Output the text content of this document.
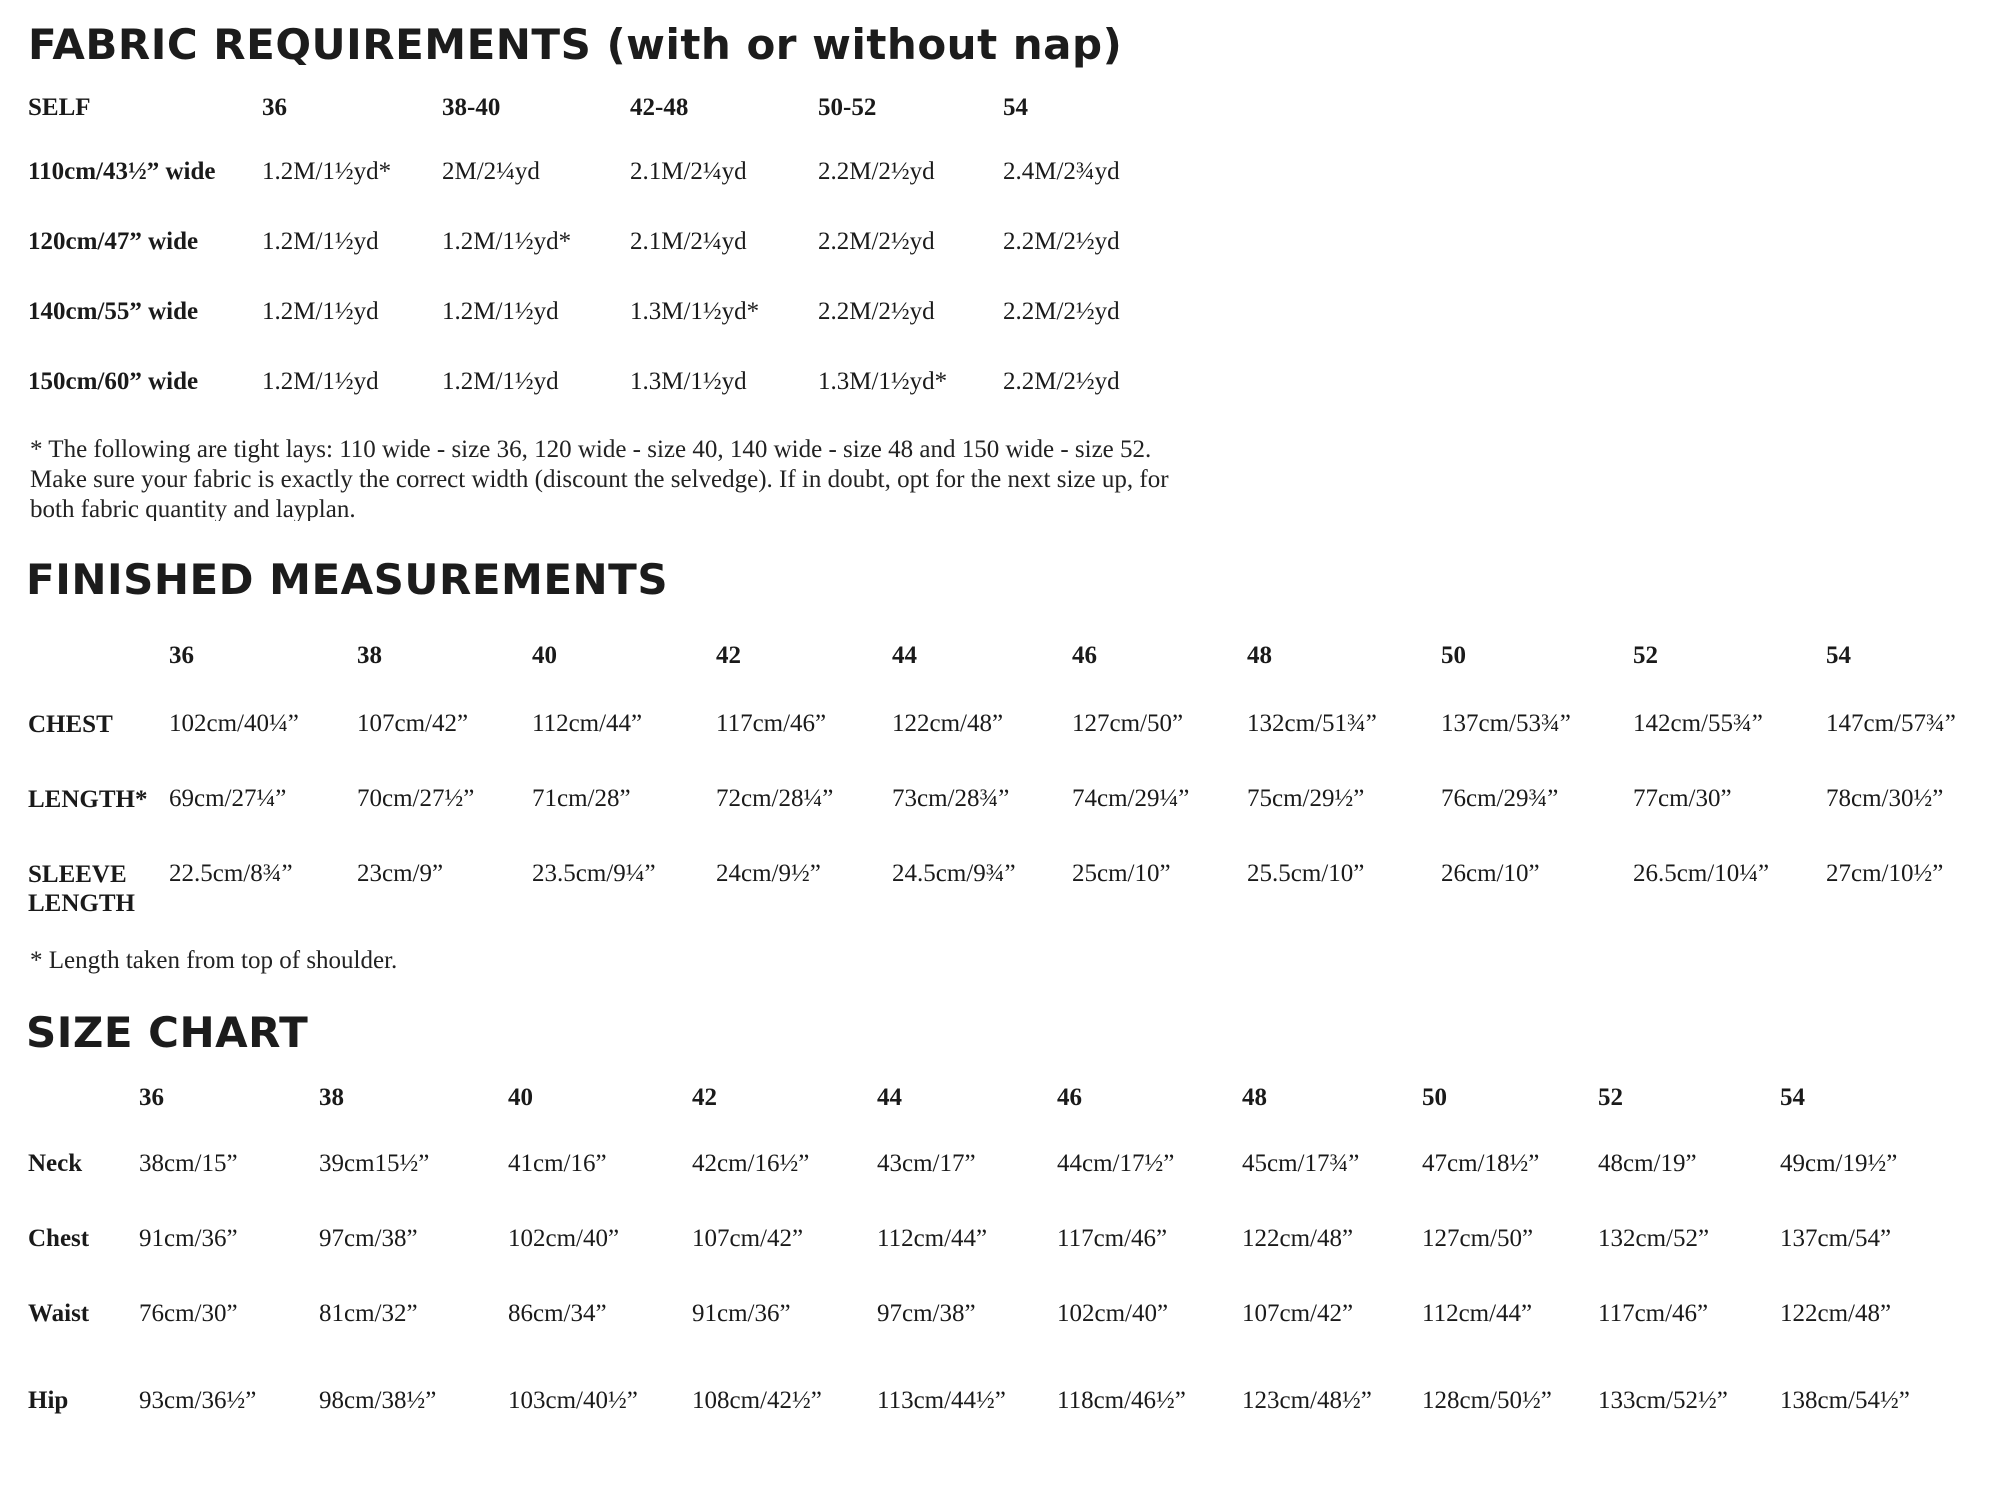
FABRIC REQUIREMENTS (with or without nap)
SELF	36	38-40	42-48	50-52	54
110cm/43½” wide	1.2M/1½yd*	2M/2¼yd	2.1M/2¼yd	2.2M/2½yd	2.4M/2¾yd
120cm/47” wide	1.2M/1½yd	1.2M/1½yd*	2.1M/2¼yd	2.2M/2½yd	2.2M/2½yd
140cm/55” wide	1.2M/1½yd	1.2M/1½yd	1.3M/1½yd*	2.2M/2½yd	2.2M/2½yd
150cm/60” wide	1.2M/1½yd	1.2M/1½yd	1.3M/1½yd	1.3M/1½yd*	2.2M/2½yd
* The following are tight lays: 110 wide - size 36, 120 wide - size 40, 140 wide - size 48 and 150 wide - size 52.
Make sure your fabric is exactly the correct width (discount the selvedge). If in doubt, opt for the next size up, for
both fabric quantity and layplan.
FINISHED MEASUREMENTS
	36	38	40	42	44	46	48	50	52	54
CHEST	102cm/40¼”	107cm/42”	112cm/44”	117cm/46”	122cm/48”	127cm/50”	132cm/51¾”	137cm/53¾”	142cm/55¾”	147cm/57¾”
LENGTH*	69cm/27¼”	70cm/27½”	71cm/28”	72cm/28¼”	73cm/28¾”	74cm/29¼”	75cm/29½”	76cm/29¾”	77cm/30”	78cm/30½”
SLEEVE LENGTH	22.5cm/8¾”	23cm/9”	23.5cm/9¼”	24cm/9½”	24.5cm/9¾”	25cm/10”	25.5cm/10”	26cm/10”	26.5cm/10¼”	27cm/10½”

* Length taken from top of shoulder.

SIZE CHART
	36	38	40	42	44	46	48	50	52	54
Neck	38cm/15”	39cm15½”	41cm/16”	42cm/16½”	43cm/17”	44cm/17½”	45cm/17¾”	47cm/18½”	48cm/19”	49cm/19½”
Chest	91cm/36”	97cm/38”	102cm/40”	107cm/42”	112cm/44”	117cm/46”	122cm/48”	127cm/50”	132cm/52”	137cm/54”
Waist	76cm/30”	81cm/32”	86cm/34”	91cm/36”	97cm/38”	102cm/40”	107cm/42”	112cm/44”	117cm/46”	122cm/48”
Hip	93cm/36½”	98cm/38½”	103cm/40½”	108cm/42½”	113cm/44½”	118cm/46½”	123cm/48½”	128cm/50½”	133cm/52½”	138cm/54½”
